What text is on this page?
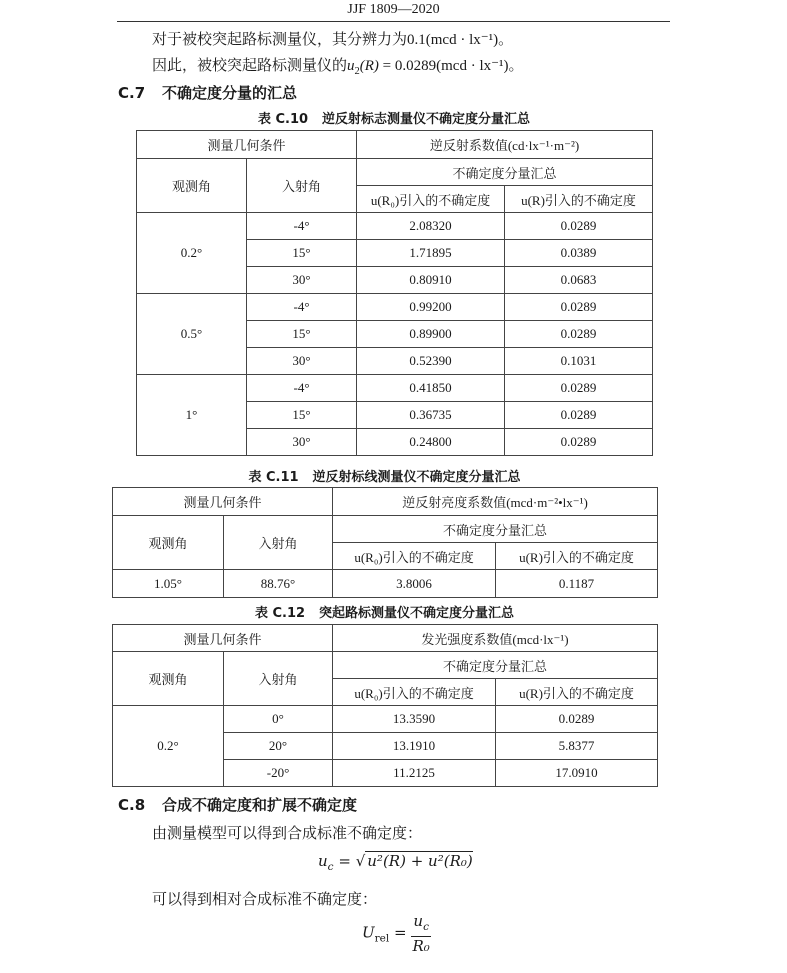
JJF 1809—2020
对于被校突起路标测量仪，其分辨力为0.1(mcd · lx⁻¹)。
因此，被校突起路标测量仪的$u_2(R) = 0.0289(mcd \cdot lx^{-1})$。
C.7 不确定度分量的汇总
表 C.10 逆反射标志测量仪不确定度分量汇总
测量几何条件		逆反射系数值(cd·lx⁻¹·m⁻²)	
观测角	入射角	不确定度分量汇总	
		u(R₀)引入的不确定度	u(R)引入的不确定度
0.2°	-4°	2.08320	0.0289
	15°	1.71895	0.0389
	30°	0.80910	0.0683
0.5°	-4°	0.99200	0.0289
	15°	0.89900	0.0289
	30°	0.52390	0.1031
1°	-4°	0.41850	0.0289
	15°	0.36735	0.0289
	30°	0.24800	0.0289
表 C.11 逆反射标线测量仪不确定度分量汇总
测量几何条件		逆反射亮度系数值(mcd·m⁻²•lx⁻¹)	
观测角	入射角	不确定度分量汇总	
		u(R₀)引入的不确定度	u(R)引入的不确定度
1.05°	88.76°	3.8006	0.1187
表 C.12 突起路标测量仪不确定度分量汇总
测量几何条件		发光强度系数值(mcd·lx⁻¹)	
观测角	入射角	不确定度分量汇总	
		u(R₀)引入的不确定度	u(R)引入的不确定度
0.2°	0°	13.3590	0.0289
	20°	13.1910	5.8377
	-20°	11.2125	17.0910
C.8 合成不确定度和扩展不确定度
由测量模型可以得到合成标准不确定度：
$u_c$ = √ u²(R) + u²(R₀)
可以得到相对合成标准不确定度：
$U_{rel} = \frac{u_c}{\text{R₀}}$
